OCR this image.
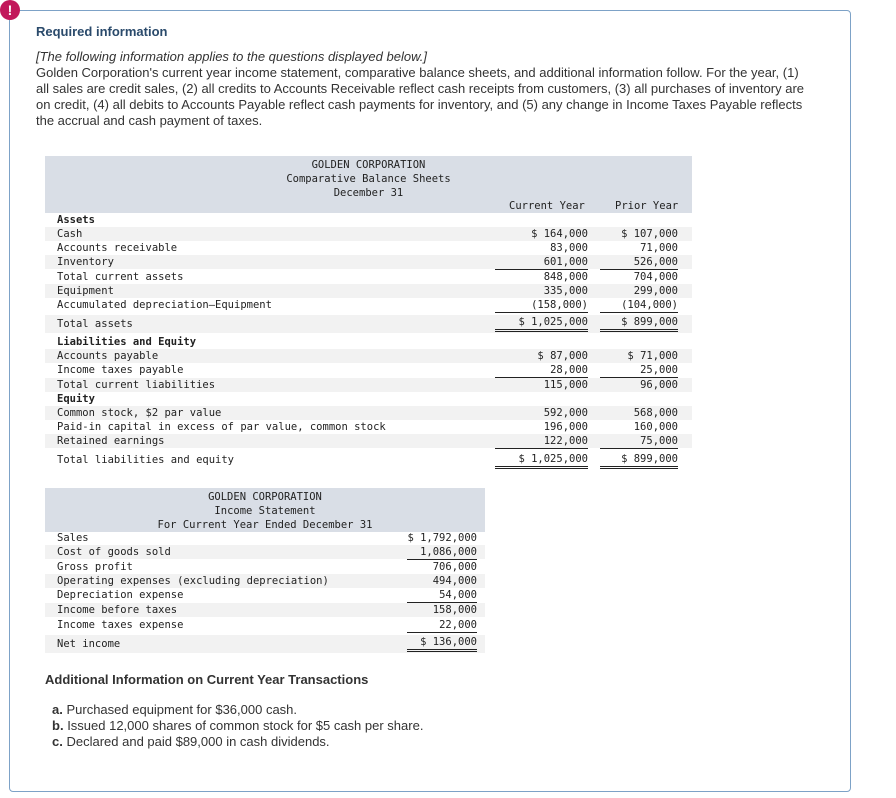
!
Required information
[The following information applies to the questions displayed below.]
Golden Corporation's current year income statement, comparative balance sheets, and additional information follow. For the year, (1) all sales are credit sales, (2) all credits to Accounts Receivable reflect cash receipts from customers, (3) all purchases of inventory are on credit, (4) all debits to Accounts Payable reflect cash payments for inventory, and (5) any change in Income Taxes Payable reflects the accrual and cash payment of taxes.
GOLDEN CORPORATION
Comparative Balance Sheets
December 31
Current Year	Prior Year
Assets
Cash	$ 164,000	$ 107,000
Accounts receivable	83,000	71,000
Inventory	601,000	526,000
Total current assets	848,000	704,000
Equipment	335,000	299,000
Accumulated depreciation—Equipment	(158,000)	(104,000)
Total assets	$ 1,025,000	$ 899,000
Liabilities and Equity
Accounts payable	$ 87,000	$ 71,000
Income taxes payable	28,000	25,000
Total current liabilities	115,000	96,000
Equity
Common stock, $2 par value	592,000	568,000
Paid-in capital in excess of par value, common stock	196,000	160,000
Retained earnings	122,000	75,000
Total liabilities and equity	$ 1,025,000	$ 899,000
GOLDEN CORPORATION
Income Statement
For Current Year Ended December 31
Sales	$ 1,792,000
Cost of goods sold	1,086,000
Gross profit	706,000
Operating expenses (excluding depreciation)	494,000
Depreciation expense	54,000
Income before taxes	158,000
Income taxes expense	22,000
Net income	$ 136,000
Additional Information on Current Year Transactions
a. Purchased equipment for $36,000 cash.
b. Issued 12,000 shares of common stock for $5 cash per share.
c. Declared and paid $89,000 in cash dividends.
